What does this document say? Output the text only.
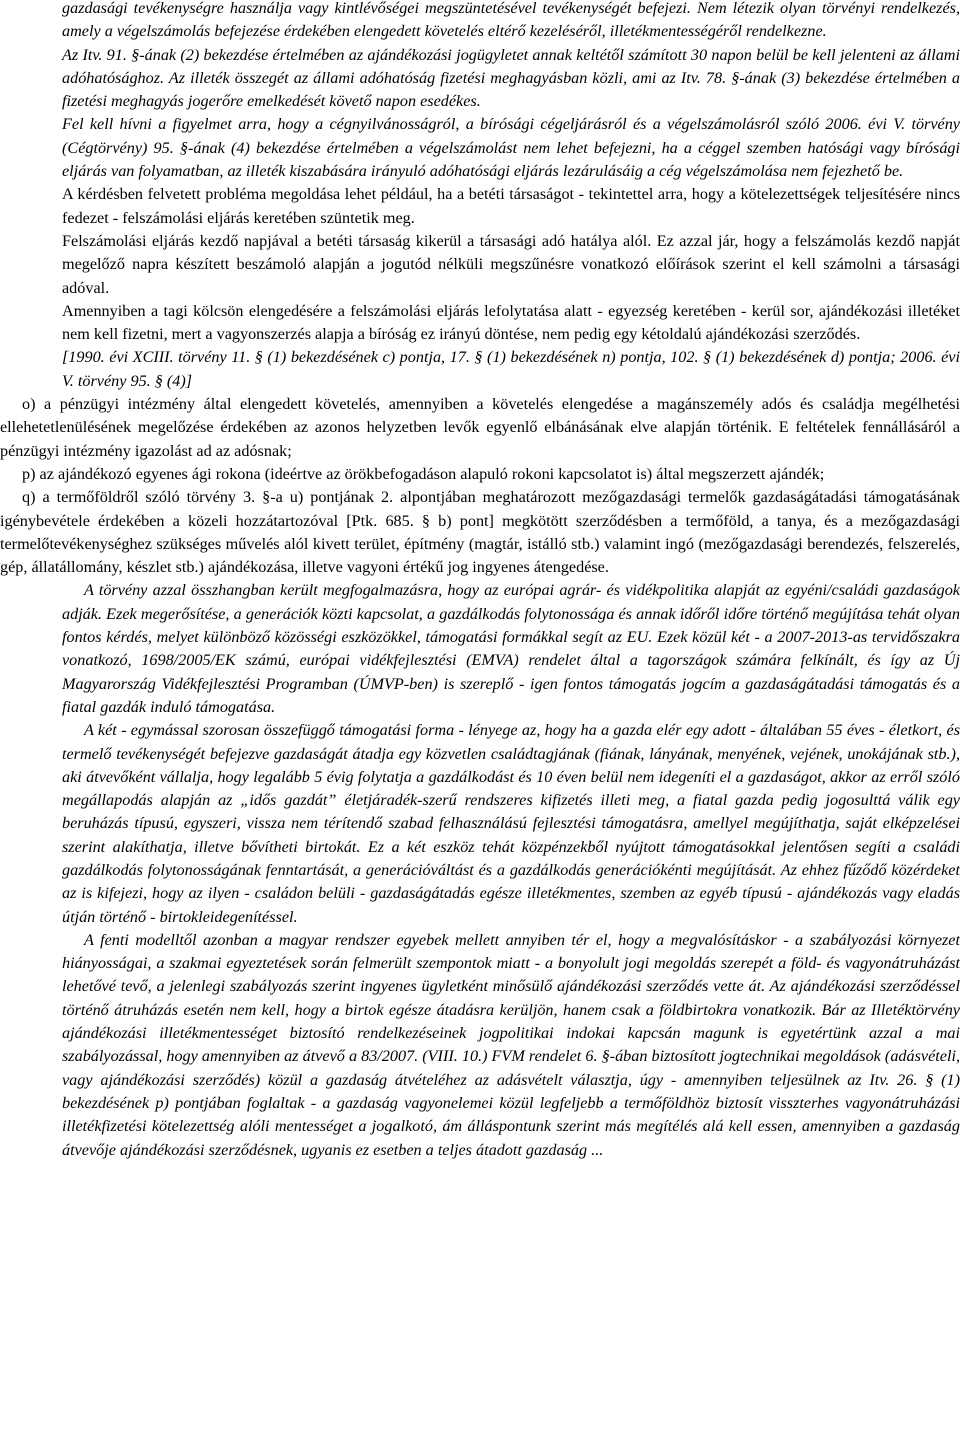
gazdasági tevékenységre használja vagy kintlévőségei megszüntetésével tevékenységét befejezi. Nem létezik olyan törvényi rendelkezés, amely a végelszámolás befejezése érdekében elengedett követelés eltérő kezeléséről, illetékmentességéről rendelkezne.

Az Itv. 91. §-ának (2) bekezdése értelmében az ajándékozási jogügyletet annak keltétől számított 30 napon belül be kell jelenteni az állami adóhatósághoz. Az illeték összegét az állami adóhatóság fizetési meghagyásban közli, ami az Itv. 78. §-ának (3) bekezdése értelmében a fizetési meghagyás jogerőre emelkedését követő napon esedékes.

Fel kell hívni a figyelmet arra, hogy a cégnyilvánosságról, a bírósági cégeljárásról és a végelszámolásról szóló 2006. évi V. törvény (Cégtörvény) 95. §-ának (4) bekezdése értelmében a végelszámolást nem lehet befejezni, ha a céggel szemben hatósági vagy bírósági eljárás van folyamatban, az illeték kiszabására irányuló adóhatósági eljárás lezárulásáig a cég végelszámolása nem fejezhető be.

A kérdésben felvetett probléma megoldása lehet például, ha a betéti társaságot - tekintettel arra, hogy a kötelezettségek teljesítésére nincs fedezet - felszámolási eljárás keretében szüntetik meg.

Felszámolási eljárás kezdő napjával a betéti társaság kikerül a társasági adó hatálya alól. Ez azzal jár, hogy a felszámolás kezdő napját megelőző napra készített beszámoló alapján a jogutód nélküli megszűnésre vonatkozó előírások szerint el kell számolni a társasági adóval.

Amennyiben a tagi kölcsön elengedésére a felszámolási eljárás lefolytatása alatt - egyezség keretében - kerül sor, ajándékozási illetéket nem kell fizetni, mert a vagyonszerzés alapja a bíróság ez irányú döntése, nem pedig egy kétoldalú ajándékozási szerződés.

[1990. évi XCIII. törvény 11. § (1) bekezdésének c) pontja, 17. § (1) bekezdésének n) pontja, 102. § (1) bekezdésének d) pontja; 2006. évi V. törvény 95. § (4)]

o) a pénzügyi intézmény által elengedett követelés, amennyiben a követelés elengedése a magánszemély adós és családja megélhetési ellehetetlenülésének megelőzése érdekében az azonos helyzetben levők egyenlő elbánásának elve alapján történik. E feltételek fennállásáról a pénzügyi intézmény igazolást ad az adósnak;

p) az ajándékozó egyenes ági rokona (ideértve az örökbefogadáson alapuló rokoni kapcsolatot is) által megszerzett ajándék;

q) a termőföldről szóló törvény 3. §-a u) pontjának 2. alpontjában meghatározott mezőgazdasági termelők gazdaságátadási támogatásának igénybevétele érdekében a közeli hozzátartozóval [Ptk. 685. § b) pont] megkötött szerződésben a termőföld, a tanya, és a mezőgazdasági termelőtevékenységhez szükséges művelés alól kivett terület, építmény (magtár, istálló stb.) valamint ingó (mezőgazdasági berendezés, felszerelés, gép, állatállomány, készlet stb.) ajándékozása, illetve vagyoni értékű jog ingyenes átengedése.

A törvény azzal összhangban került megfogalmazásra, hogy az európai agrár- és vidékpolitika alapját az egyéni/családi gazdaságok adják. Ezek megerősítése, a generációk közti kapcsolat, a gazdálkodás folytonossága és annak időről időre történő megújítása tehát olyan fontos kérdés, melyet különböző közösségi eszközökkel, támogatási formákkal segít az EU. Ezek közül két - a 2007-2013-as tervidőszakra vonatkozó, 1698/2005/EK számú, európai vidékfejlesztési (EMVA) rendelet által a tagországok számára felkínált, és így az Új Magyarország Vidékfejlesztési Programban (ÚMVP-ben) is szereplő - igen fontos támogatás jogcím a gazdaságátadási támogatás és a fiatal gazdák induló támogatása.

A két - egymással szorosan összefüggő támogatási forma - lényege az, hogy ha a gazda elér egy adott - általában 55 éves - életkort, és termelő tevékenységét befejezve gazdaságát átadja egy közvetlen családtagjának (fiának, lányának, menyének, vejének, unokájának stb.), aki átvevőként vállalja, hogy legalább 5 évig folytatja a gazdálkodást és 10 éven belül nem idegeníti el a gazdaságot, akkor az erről szóló megállapodás alapján az „idős gazdát” életjáradék-szerű rendszeres kifizetés illeti meg, a fiatal gazda pedig jogosulttá válik egy beruházás típusú, egyszeri, vissza nem térítendő szabad felhasználású fejlesztési támogatásra, amellyel megújíthatja, saját elképzelései szerint alakíthatja, illetve bővítheti birtokát. Ez a két eszköz tehát közpénzekből nyújtott támogatásokkal jelentősen segíti a családi gazdálkodás folytonosságának fenntartását, a generációváltást és a gazdálkodás generációkénti megújítását. Az ehhez fűződő közérdeket az is kifejezi, hogy az ilyen - családon belüli - gazdaságátadás egésze illetékmentes, szemben az egyéb típusú - ajándékozás vagy eladás útján történő - birtokleidegenítéssel.

A fenti modelltől azonban a magyar rendszer egyebek mellett annyiben tér el, hogy a megvalósításkor - a szabályozási környezet hiányosságai, a szakmai egyeztetések során felmerült szempontok miatt - a bonyolult jogi megoldás szerepét a föld- és vagyonátruházást lehetővé tevő, a jelenlegi szabályozás szerint ingyenes ügyletként minősülő ajándékozási szerződés vette át. Az ajándékozási szerződéssel történő átruházás esetén nem kell, hogy a birtok egésze átadásra kerüljön, hanem csak a földbirtokra vonatkozik. Bár az Illetéktörvény ajándékozási illetékmentességet biztosító rendelkezéseinek jogpolitikai indokai kapcsán magunk is egyetértünk azzal a mai szabályozással, hogy amennyiben az átvevő a 83/2007. (VIII. 10.) FVM rendelet 6. §-ában biztosított jogtechnikai megoldások (adásvételi, vagy ajándékozási szerződés) közül a gazdaság átvételéhez az adásvételt választja, úgy - amennyiben teljesülnek az Itv. 26. § (1) bekezdésének p) pontjában foglaltak - a gazdaság vagyonelemei közül legfeljebb a termőföldhöz biztosít visszterhes vagyonátruházási illetékfizetési kötelezettség alóli mentességet a jogalkotó, ám álláspontunk szerint más megítélés alá kell essen, amennyiben a gazdaság átvevője ajándékozási szerződésnek, ugyanis ez esetben a teljes átadott gazdaság ...
